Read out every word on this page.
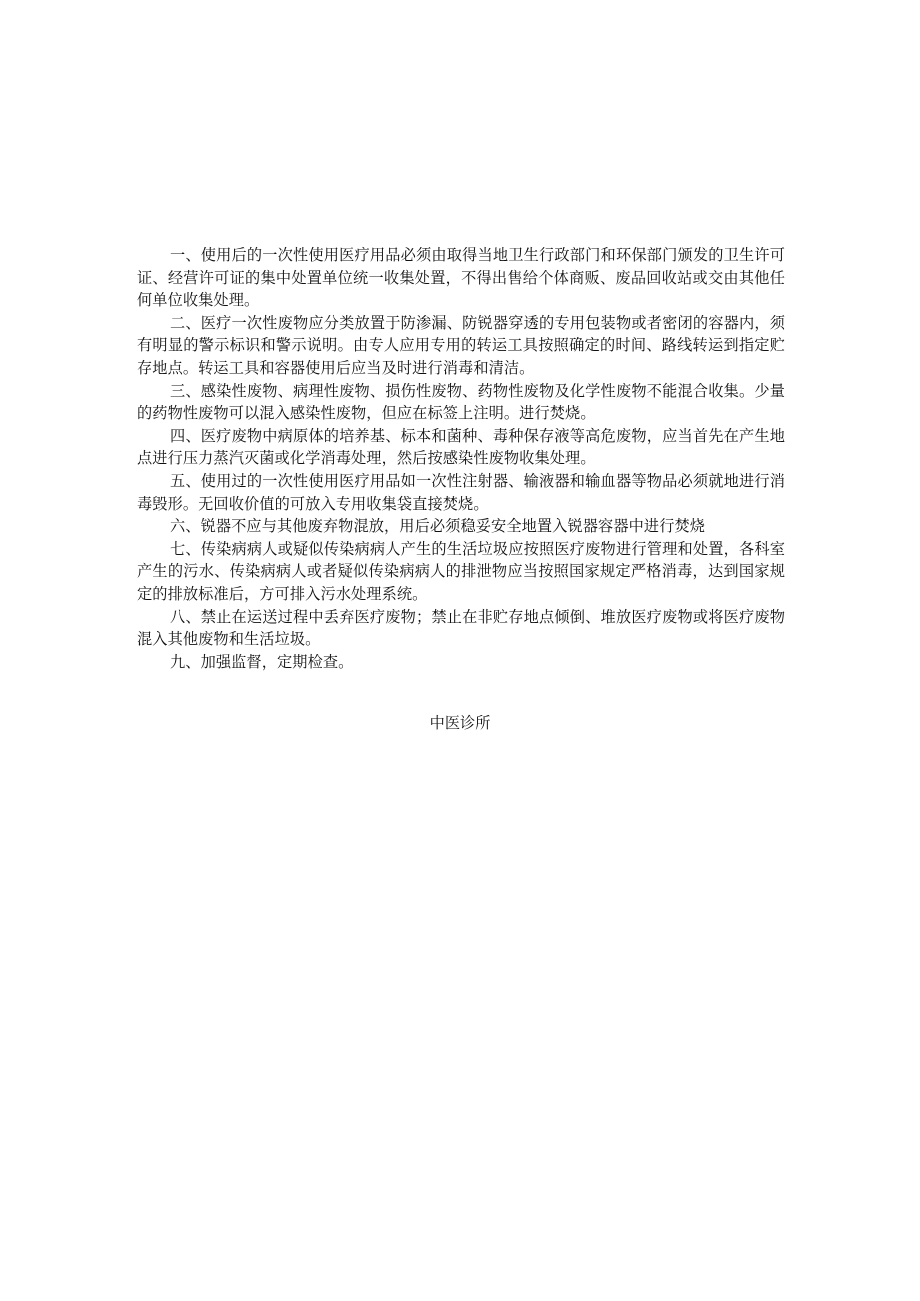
一、使用后的一次性使用医疗用品必须由取得当地卫生行政部门和环保部门颁发的卫生许可证、经营许可证的集中处置单位统一收集处置，不得出售给个体商贩、废品回收站或交由其他任何单位收集处理。

二、医疗一次性废物应分类放置于防渗漏、防锐器穿透的专用包装物或者密闭的容器内，须有明显的警示标识和警示说明。由专人应用专用的转运工具按照确定的时间、路线转运到指定贮存地点。转运工具和容器使用后应当及时进行消毒和清洁。

三、感染性废物、病理性废物、损伤性废物、药物性废物及化学性废物不能混合收集。少量的药物性废物可以混入感染性废物，但应在标签上注明。进行焚烧。

四、医疗废物中病原体的培养基、标本和菌种、毒种保存液等高危废物，应当首先在产生地点进行压力蒸汽灭菌或化学消毒处理，然后按感染性废物收集处理。

五、使用过的一次性使用医疗用品如一次性注射器、输液器和输血器等物品必须就地进行消毒毁形。无回收价值的可放入专用收集袋直接焚烧。

六、锐器不应与其他废弃物混放，用后必须稳妥安全地置入锐器容器中进行焚烧

七、传染病病人或疑似传染病病人产生的生活垃圾应按照医疗废物进行管理和处置，各科室产生的污水、传染病病人或者疑似传染病病人的排泄物应当按照国家规定严格消毒，达到国家规定的排放标准后，方可排入污水处理系统。

八、禁止在运送过程中丢弃医疗废物；禁止在非贮存地点倾倒、堆放医疗废物或将医疗废物混入其他废物和生活垃圾。

九、加强监督，定期检查。

中医诊所
